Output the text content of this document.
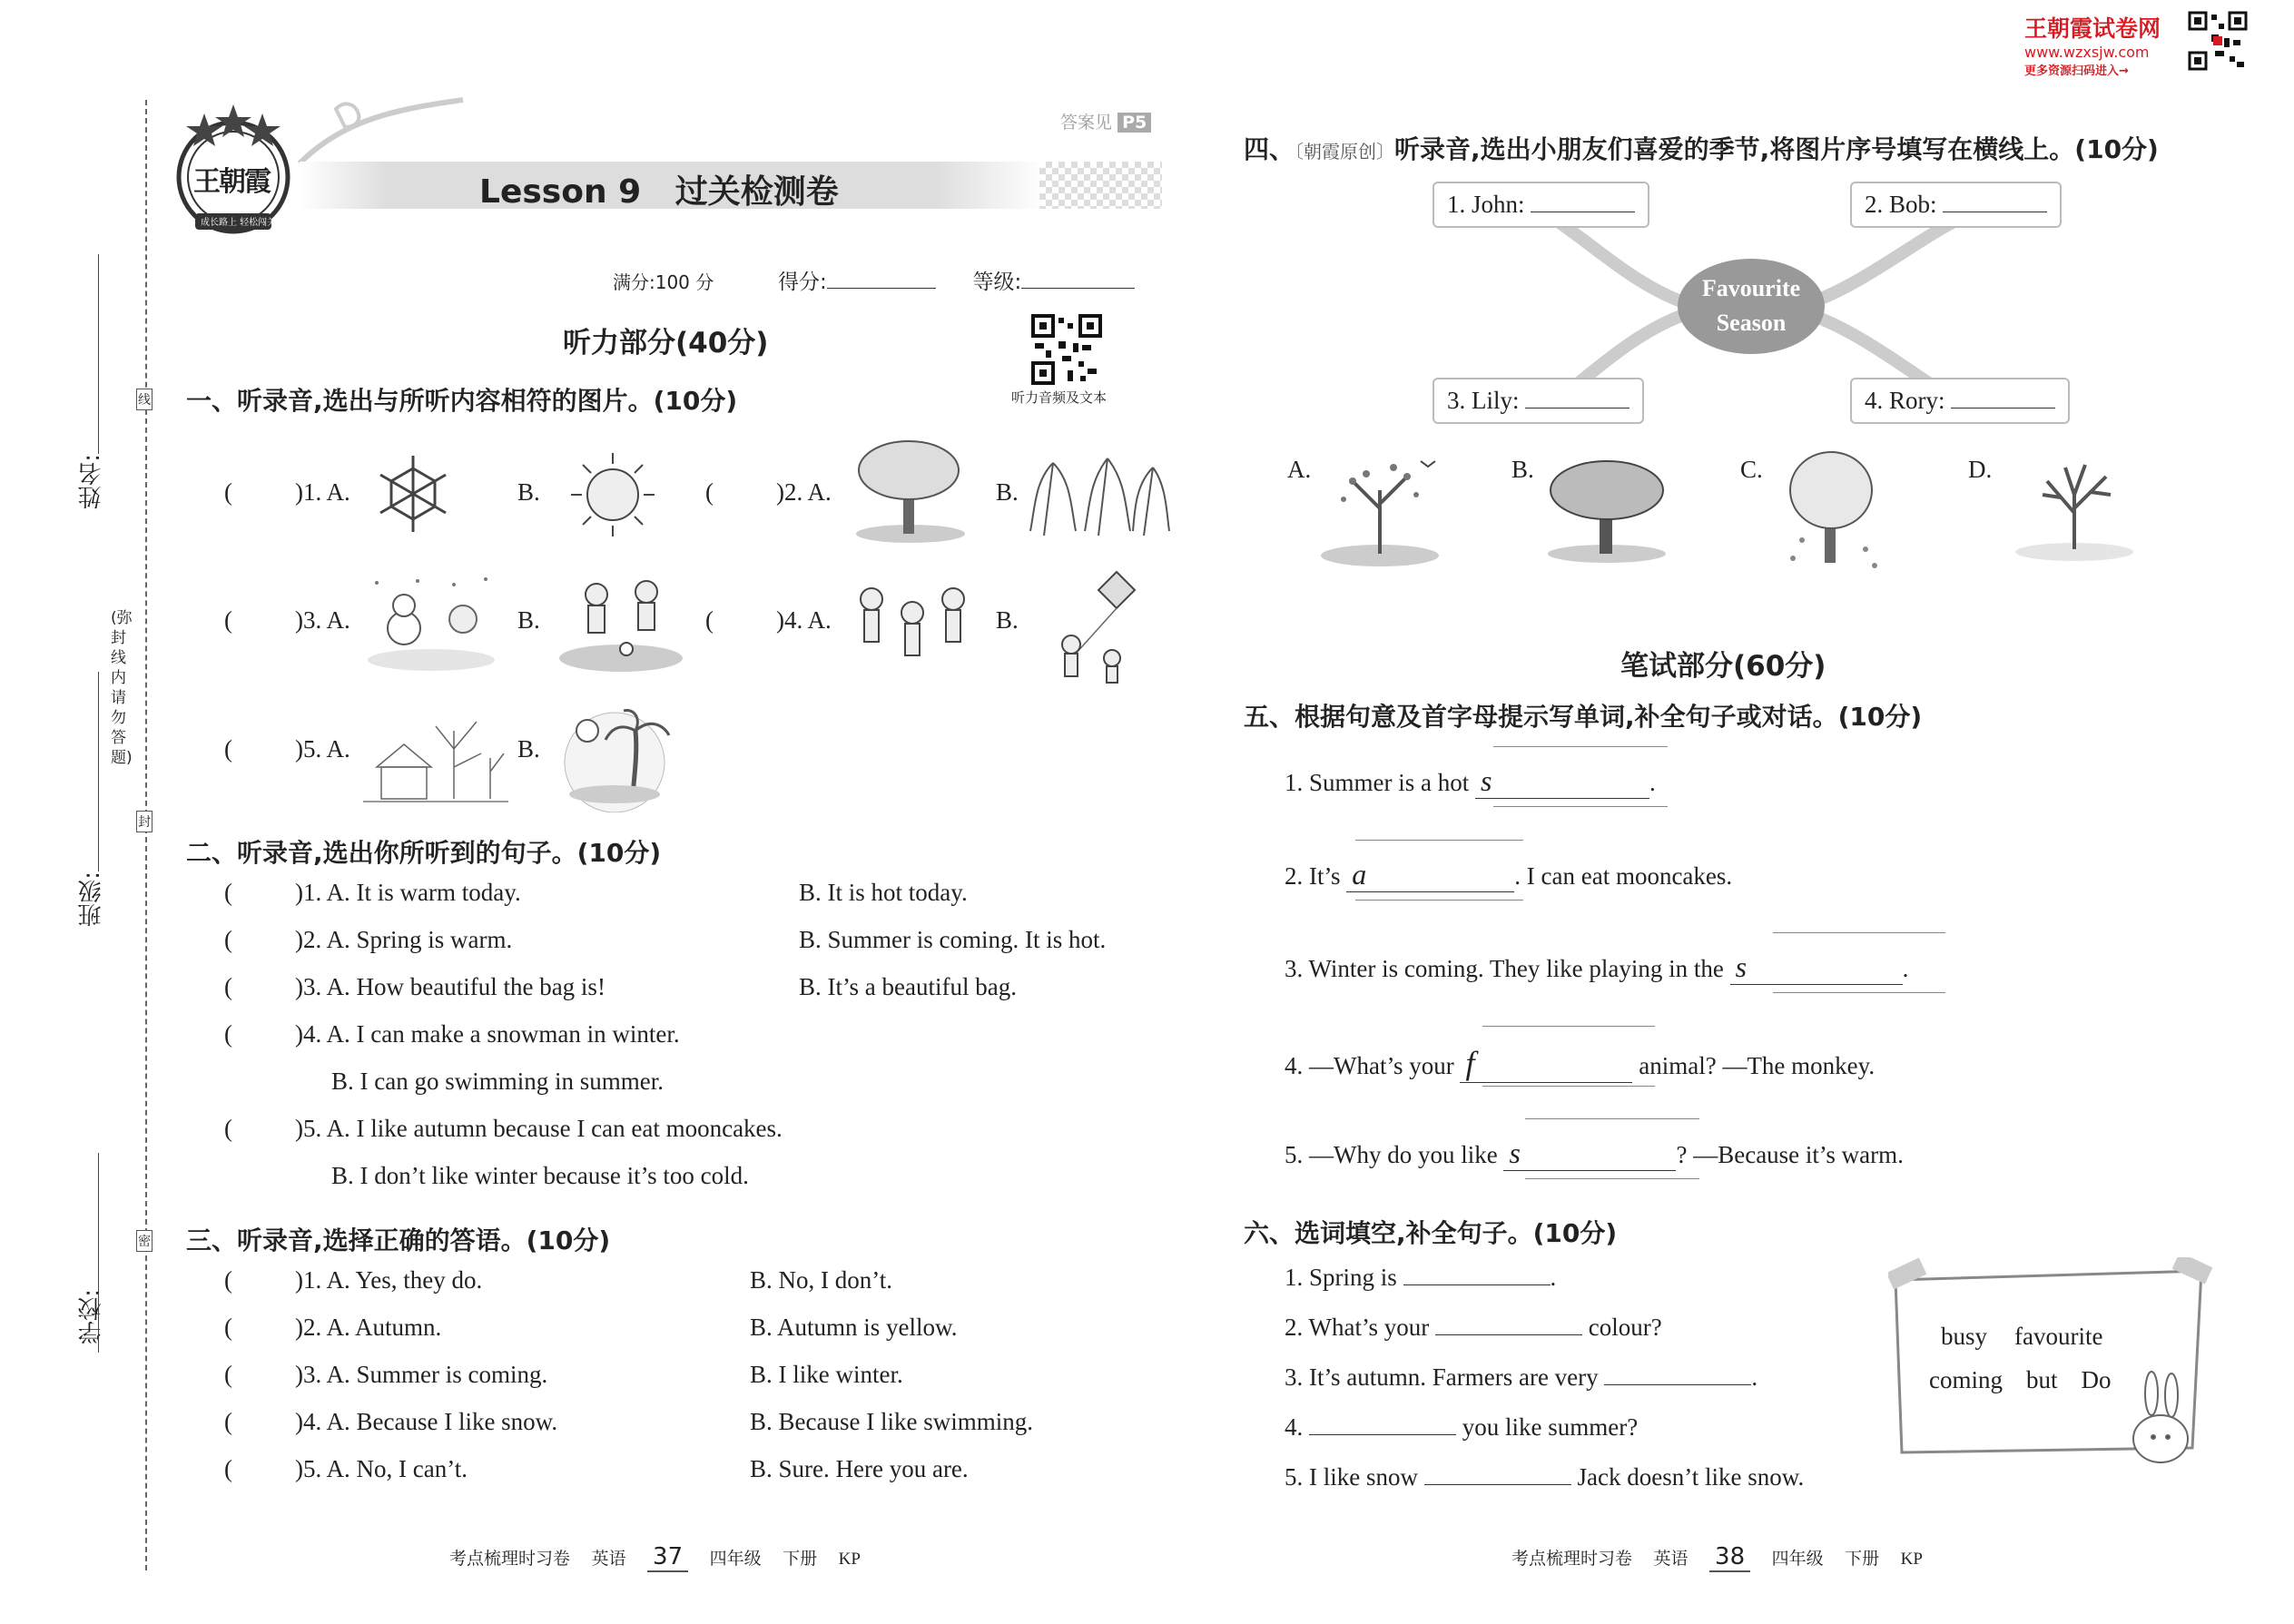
姓名:
班级:
学校:
(弥封线内请勿答题)
线
封
密
王朝霞
成长路上 轻松闯关
答案见 P5
Lesson 9   过关检测卷
满分:100 分	得分:	等级:
听力部分(40分)
听力音频及文本
一、听录音,选出与所听内容相符的图片。(10分)
(	)1. A.	B.	(	)2. A.	B.
(	)3. A.	B.	(	)4. A.	B.
(	)5. A.	B.
二、听录音,选出你所听到的句子。(10分)
(	)1. A. It is warm today.	B. It is hot today.
(	)2. A. Spring is warm.	B. Summer is coming. It is hot.
(	)3. A. How beautiful the bag is!	B. It’s a beautiful bag.
(	)4. A. I can make a snowman in winter.
B. I can go swimming in summer.
(	)5. A. I like autumn because I can eat mooncakes.
B. I don’t like winter because it’s too cold.
三、听录音,选择正确的答语。(10分)
(	)1. A. Yes, they do.	B. No, I don’t.
(	)2. A. Autumn.	B. Autumn is yellow.
(	)3. A. Summer is coming.	B. I like winter.
(	)4. A. Because I like snow.	B. Because I like swimming.
(	)5. A. No, I can’t.	B. Sure. Here you are.
考点梳理时习卷 英语 37 四年级 下册 KP
王朝霞试卷网
www.wzxsjw.com
更多资源扫码进入→
四、〔朝霞原创〕听录音,选出小朋友们喜爱的季节,将图片序号填写在横线上。(10分)
Favourite
Season
1. John:	2. Bob:
3. Lily:	4. Rory:
A.	B.	C.	D.
笔试部分(60分)
五、根据句意及首字母提示写单词,补全句子或对话。(10分)
1. Summer is a hot s	.
2. It’s a	. I can eat mooncakes.
3. Winter is coming. They like playing in the s	.
4. —What’s your f	animal? —The monkey.
5. —Why do you like s	? —Because it’s warm.
六、选词填空,补全句子。(10分)
1. Spring is	.
2. What’s your	colour?
3. It’s autumn. Farmers are very	.
4.	you like summer?
5. I like snow	Jack doesn’t like snow.
busy favourite
coming but Do
考点梳理时习卷 英语 38 四年级 下册 KP
